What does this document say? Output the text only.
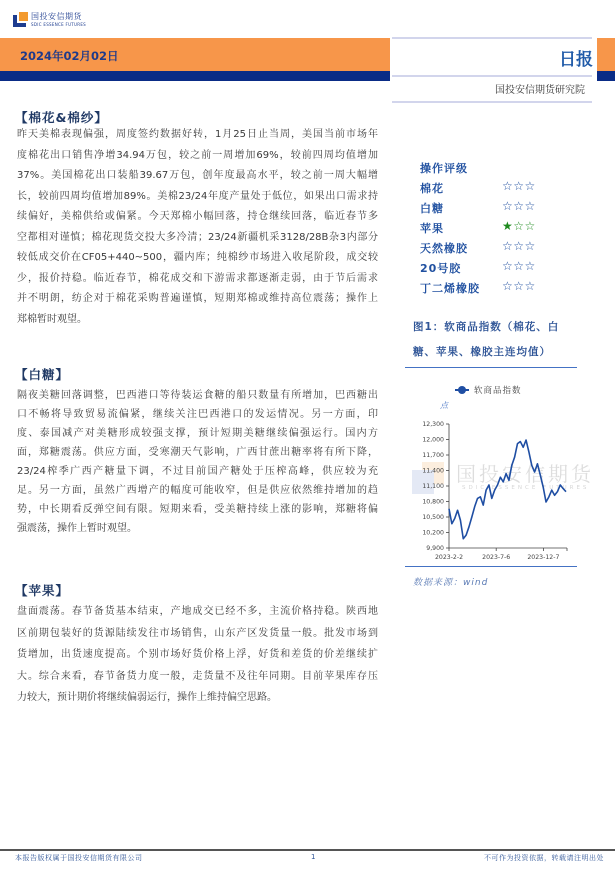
国投安信期货
SDIC ESSENCE FUTURES
2024年02月02日	日报
国投安信期货研究院
【棉花&棉纱】
昨天美棉表现偏强，周度签约数据好转，1月25日止当周，美国当前市场年
度棉花出口销售净增34.94万包，较之前一周增加69%，较前四周均值增加
37%。美国棉花出口装船39.67万包，创年度最高水平，较之前一周大幅增
长，较前四周均值增加89%。美棉23/24年度产量处于低位，如果出口需求持
续偏好，美棉供给或偏紧。今天郑棉小幅回落，持仓继续回落，临近春节多
空都相对谨慎；棉花现货交投大多冷清；23/24新疆机采3128/28B杂3内部分
较低成交价在CF05+440~500，疆内库；纯棉纱市场进入收尾阶段，成交较
少，报价持稳。临近春节，棉花成交和下游需求都逐渐走弱，由于节后需求
并不明朗，纺企对于棉花采购普遍谨慎，短期郑棉或维持高位震荡；操作上
郑棉暂时观望。
【白糖】
隔夜美糖回落调整，巴西港口等待装运食糖的船只数量有所增加，巴西糖出
口不畅将导致贸易流偏紧，继续关注巴西港口的发运情况。另一方面，印
度、泰国减产对美糖形成较强支撑，预计短期美糖继续偏强运行。国内方
面，郑糖震荡。供应方面，受寒潮天气影响，广西甘蔗出糖率将有所下降，
23/24榨季广西产糖量下调，不过目前国产糖处于压榨高峰，供应较为充
足。另一方面，虽然广西增产的幅度可能收窄，但是供应依然维持增加的趋
势，中长期看反弹空间有限。短期来看，受美糖持续上涨的影响，郑糖将偏
强震荡，操作上暂时观望。
【苹果】
盘面震荡。春节备货基本结束，产地成交已经不多，主流价格持稳。陕西地
区前期包装好的货源陆续发往市场销售，山东产区发货量一般。批发市场到
货增加，出货速度提高。个别市场好货价格上浮，好货和差货的价差继续扩
大。综合来看，春节备货力度一般，走货量不及往年同期。目前苹果库存压
力较大，预计期价将继续偏弱运行，操作上维持偏空思路。
操作评级
棉花	☆☆☆
白糖	☆☆☆
苹果	★☆☆
天然橡胶	☆☆☆
20号胶	☆☆☆
丁二烯橡胶 ☆☆☆
图1：软商品指数（棉花、白
糖、苹果、橡胶主连均值）
软商品指数
点
国投安信期货
SDIC ESSENCE FUTURES
12,300
12,000
11,700
11,400
11,100
10,800
10,500
10,200
9,900
2023-2-2	2023-7-6	2023-12-7
数据来源：wind
本报告版权属于国投安信期货有限公司	1	不可作为投资依据，转载请注明出处
